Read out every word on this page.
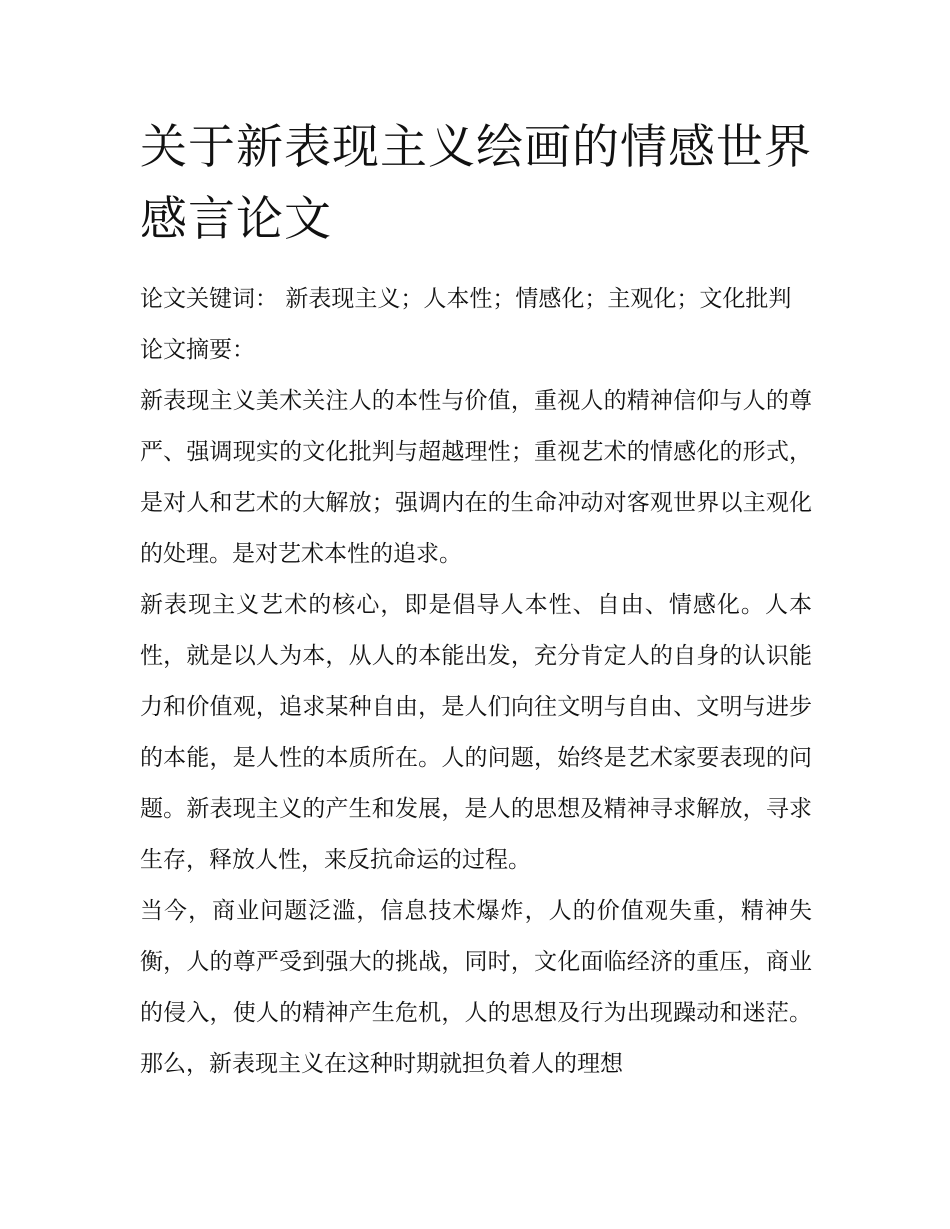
关于新表现主义绘画的情感世界感言论文

论文关键词： 新表现主义；人本性；情感化；主观化；文化批判 论文摘要：

新表现主义美术关注人的本性与价值，重视人的精神信仰与人的尊严、强调现实的文化批判与超越理性；重视艺术的情感化的形式，是对人和艺术的大解放；强调内在的生命冲动对客观世界以主观化的处理。是对艺术本性的追求。

新表现主义艺术的核心，即是倡导人本性、自由、情感化。人本性，就是以人为本，从人的本能出发，充分肯定人的自身的认识能力和价值观，追求某种自由，是人们向往文明与自由、文明与进步的本能，是人性的本质所在。人的问题，始终是艺术家要表现的问题。新表现主义的产生和发展，是人的思想及精神寻求解放，寻求生存，释放人性，来反抗命运的过程。

当今，商业问题泛滥，信息技术爆炸，人的价值观失重，精神失衡，人的尊严受到强大的挑战，同时，文化面临经济的重压，商业的侵入，使人的精神产生危机，人的思想及行为出现躁动和迷茫。那么，新表现主义在这种时期就担负着人的理想
